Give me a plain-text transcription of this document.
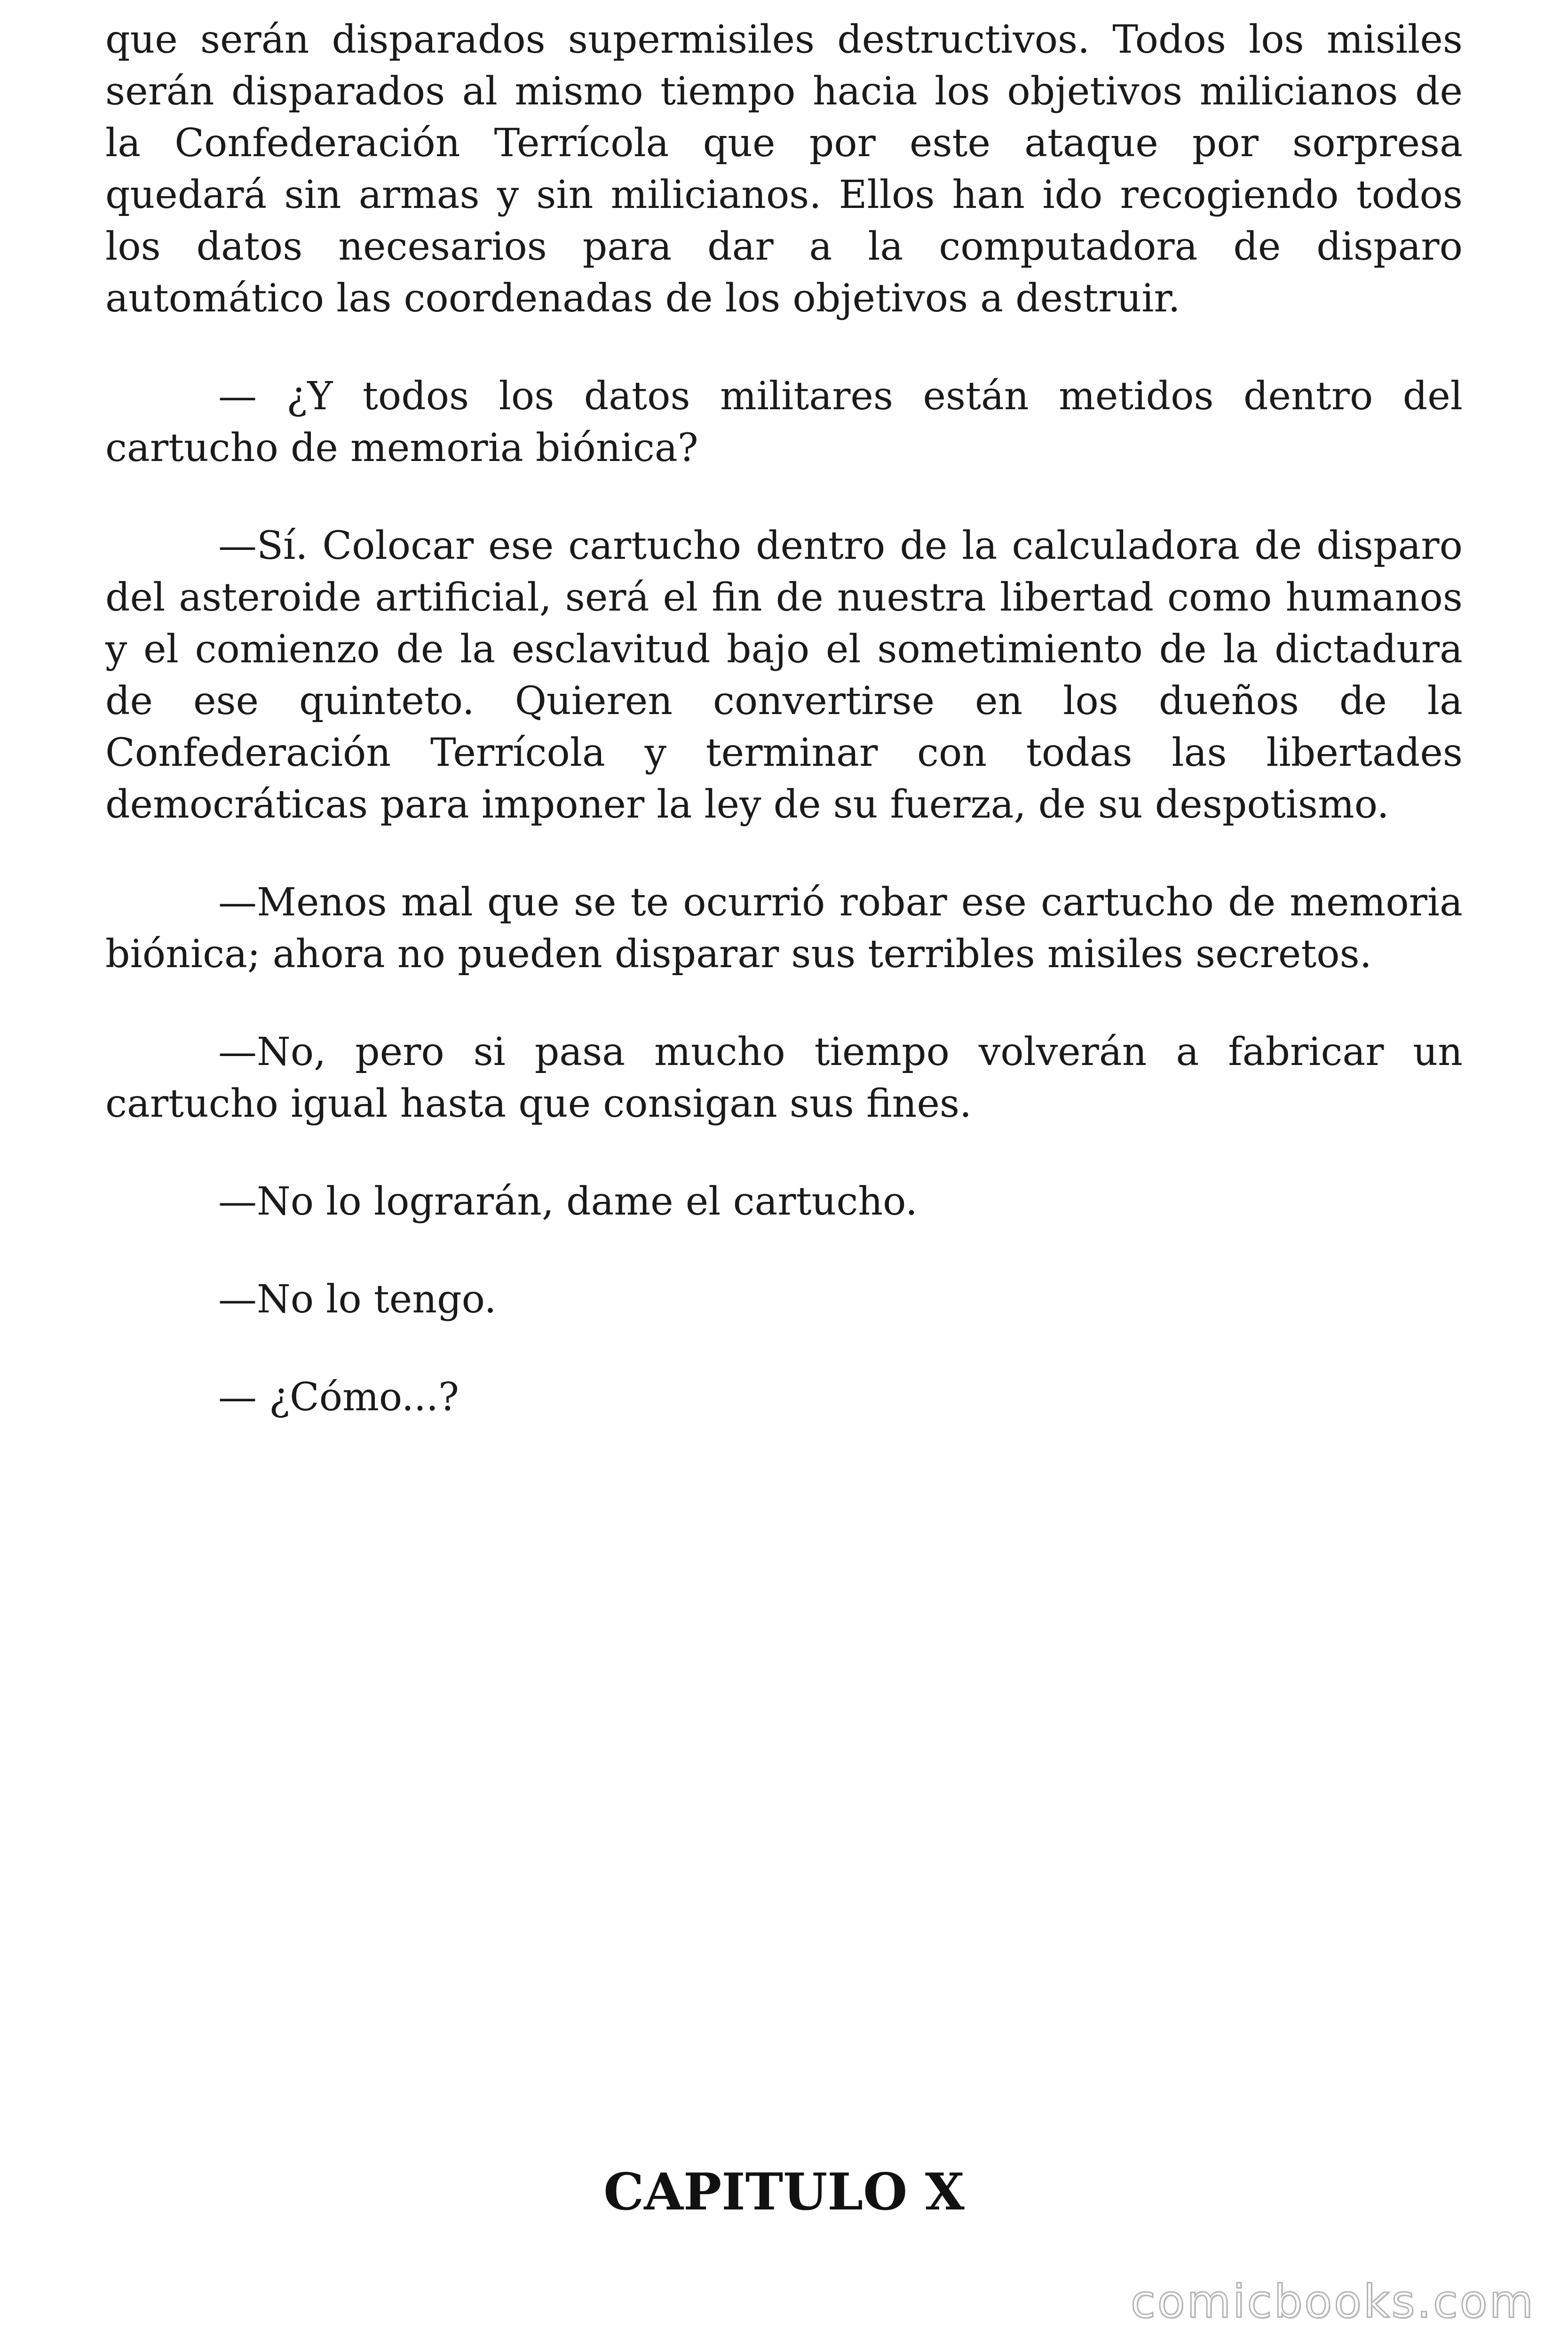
que serán disparados supermisiles destructivos. Todos los misiles serán disparados al mismo tiempo hacia los objetivos milicianos de la Confederación Terrícola que por este ataque por sorpresa quedará sin armas y sin milicianos. Ellos han ido recogiendo todos los datos necesarios para dar a la computadora de disparo automático las coordenadas de los objetivos a destruir.

— ¿Y todos los datos militares están metidos dentro del cartucho de memoria biónica?

—Sí. Colocar ese cartucho dentro de la calculadora de disparo del asteroide artificial, será el fin de nuestra libertad como humanos y el comienzo de la esclavitud bajo el sometimiento de la dictadura de ese quinteto. Quieren convertirse en los dueños de la Confederación Terrícola y terminar con todas las libertades democráticas para imponer la ley de su fuerza, de su despotismo.

—Menos mal que se te ocurrió robar ese cartucho de memoria biónica; ahora no pueden disparar sus terribles misiles secretos.

—No, pero si pasa mucho tiempo volverán a fabricar un cartucho igual hasta que consigan sus fines.

—No lo lograrán, dame el cartucho.

—No lo tengo.

— ¿Cómo...?

CAPITULO X
comicbooks.com
